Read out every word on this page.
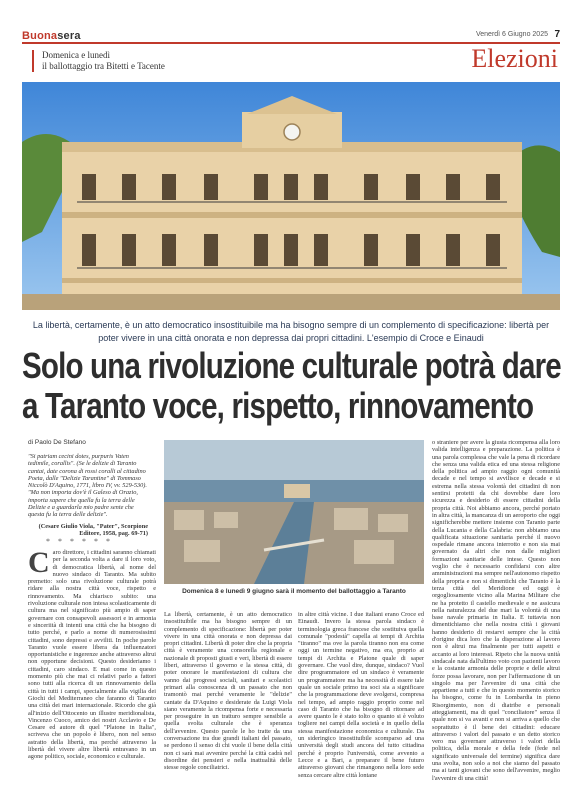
Buonasera	Venerdì 6 Giugno 2025 7
Domenica e lunedì
il ballottaggio tra Bitetti e Tacente	Elezioni
La libertà, certamente, è un atto democratico insostituibile ma ha bisogno sempre di un complemento di specificazione: libertà per poter vivere in una città onorata e non depressa dai propri cittadini. L'esempio di Croce e Einaudi
Solo una rivoluzione culturale potrà dare
a Taranto voce, rispetto, rinnovamento
di Paolo De Stefano
"Si patriam cecini dotes, purpuris Vaten tedimile, corallis". (Se le delizie di Taranto cantai, date corona di rossi coralli al cittadino Poeta, dalle "Delizie Tarantine" di Tommaso Niccolò D'Aquino, 1771, libro IV, vv. 529-530). "Ma non importa dov'è il Galeso di Orazio, importa sapere che quella fu la terra delle Delizie e a guardarla mio padre sente che questa fu la terra delle delizie".
(Cesare Giulio Viola, "Pater", Scorpione Editore, 1958, pag. 69-71)
* * * * * *
Caro direttore, i cittadini saranno chiamati per la seconda volta a dare il loro voto, di democratica libertà, al nome del nuovo sindaco di Taranto. Ma subito premetto: solo una rivoluzione culturale potrà ridare alla nostra città voce, rispetto e rinnovamento. Ma chiarisco subito: una rivoluzione culturale non intesa scolasticamente di cultura ma nel significato più ampio di saper governare con consapevoli assessori e in armonia e sinceriità di intenti una città che ha bisogno di tutto perché, e parlo a nome di numerosissimi cittadini, sono depressi e avviliti. In poche parole Taranto vuole essere libera da influenzatori opportunistiche e ingerenze anche attraverso altrui non opportune decisioni. Questo desideriamo i cittadini, caro sindaco. E mai come in questo momento più che mai ci relativi parlo a fattori sono tutti alla ricerca di un rinnovamento della città in tutti i campi, specialmente alla vigilia dei Giochi del Mediterraneo che faranno di Taranto una città dei mari internazionale. Ricordo che già all'inizio dell'Ottocento un illustre meridionalista, Vincenzo Cuoco, amico dei nostri Acclavio e De Cesare ed autore di quel "Platone in Italia", scriveva che un popolo è libero, non nel senso astratto della libertà, ma perché attraverso la libertà del vivere altre libertà entravano in un agone politico, sociale, economico e culturale.
Domenica 8 e lunedì 9 giugno sarà il momento del ballottaggio a Taranto
La libertà, certamente, è un atto democratico insostituibile ma ha bisogno sempre di un complemento di specificazione: libertà per poter vivere in una città onorata e non depressa dai propri cittadini. Libertà di poter dire che la propria città è veramente una consorella regionale e nazionale di proposti giusti e veri, libertà di essere liberi, attraverso il governo e la stessa città, di poter onorare le manifestazioni di cultura che vanno dai progressi sociali, sanitari e scolastici primari alla conoscenza di un passato che non tramontò mai perché veramente le "delizie" cantate da D'Aquino e desiderate da Luigi Viola siano veramente la ricompensa forte e necessaria per proseguire in un tratturo sempre sensibile a quella svolta culturale che è speranza dell'avvenire. Questo parole le ho tratte da una conversazione tra due grandi italiani del passato, se perdono il senso di chi vuole il bene della città non ci sarà mai avvenire perché la città cadrà nel disordine dei pensieri e nella inattualità delle stesse regole conciliatrici.
in altre città vicine. I due italiani erano Croce ed Einaudi. Invero la stessa parola sindaco è terminologia greca francese che sostituiva quella comunale "podestà" capella ai tempi di Archita "tiranno" ma ove la parola tiranno non era come oggi un termine negativo, ma era, proprio ai tempi di Archita e Platone quale di saper governare. Che vuol dire, dunque, sindaco? Vuol dire programmatore ed un sindaco è veramente un programmatore ma ha necessità di essere tale quale un sociale primo tra soci sia a significare che la programmazione deve svolgersi, compresa nel tempo, ad ampio raggio proprio come nel caso di Taranto che ha bisogno di ritornare ad avere quanto le è stato tolto o quanto si è voluto togliere nei campi della società e in quello della stessa manifestazione economica e culturale. Da un sideringico insostituibile scomparso ad una università degli studi ancora del tutto cittadina perché è proprio l'università, come avvento a Lecce e a Bari, a preparare il bene futuro attraverso giovani che rimangono nella loro sede senza cercare altre città lontane
o straniere per avere la giusta ricompensa alla loro valida intelligenza e preparazione. La politica è una parola complessa che vale la pena di ricordare che senza una valida etica ed una stessa religione della politica ad ampio raggio ogni comunità decade e nel tempo si avvilisce e decade e si estrema nella stessa volontà dei cittadini di non sentirsi protetti da chi dovrebbe dare loro sicurezza e desiderio di essere cittadini della propria città. Noi abbiamo ancora, perché portato in altra città, la mancanza di un aeroporto che oggi significherebbe mettere insieme con Taranto parte della Lucania e della Calabria: non abbiamo una qualificata situazione sanitaria perché il nuovo ospedale rimane ancora interrotto e non sia mai governato da altri che non dalle migliori formazioni sanitarie delle intese. Questo non voglio che è necessario confidarsi con altre amministrazioni ma sempre nell'autonomo rispetto della propria e non si dimentichi che Taranto è la terza città del Meridione ed oggi è orgogliosamente vicino alla Marina Militare che ne ha protetto il castello medievale e ne assicura nella naturalezza del due mari la volontà di una base navale primaria in Italia. E tuttavia non dimentichiamo che nella nostra città i giovani hanno desiderio di restarvi sempre che la città d'origine dica loro che la disperazione al lavoro non è altrui ma finalmente per tutti aspetti e accanto ai loro interessi. Ripeto che la nuova unità sindacale nata dall'ultimo voto con pazienti lavoro e la costante armonia delle proprie e delle altrui forze possa lavorare, non per l'affermazione di un singolo ma per l'avvenire di una città che appartiene a tutti e che in questo momento storico ha bisogno, come fu in Lombardia in pieno Risorgimento, non di diatribe e personali atteggiamenti, ma di quel "conciliatore" senza il quale non si va avanti e non si arriva a quello che soprattutto è il bene dei cittadini: educare attraverso i valori del passato e un detto storico vero ma governare attraverso i valori della politica, della morale e della fede (fede nel significato universale del termine) significa dare una svolta, non solo a noi che siamo del passato ma ai tanti giovani che sono dell'avvenire, meglio l'avvenire di una città!
